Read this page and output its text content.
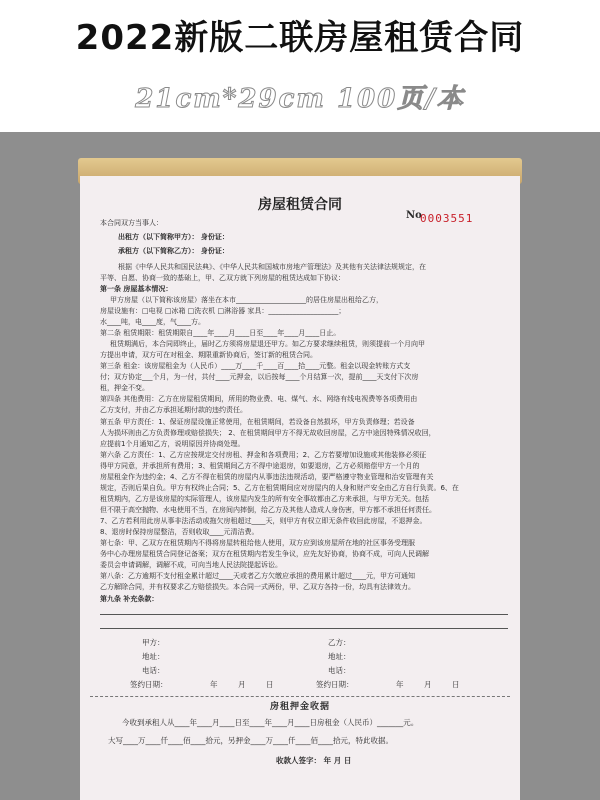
2022新版二联房屋租赁合同
21cm*29cm 100页/本
房屋租赁合同
No
0003551
本合同双方当事人：
出租方（以下简称甲方）： 身份证：
承租方（以下简称乙方）： 身份证：
根据《中华人民共和国民法典》、《中华人民共和国城市房地产管理法》及其他有关法律法规规定，在
平等、自愿、协商一致的基础上，甲、乙双方就下列房屋的租赁达成如下协议：
第一条 房屋基本情况：
甲方房屋（以下简称该房屋）落坐在本市____________________的居住房屋出租给乙方，
房屋设施有：□电视 □冰箱 □洗衣机 □淋浴器 家具：____________________；
水____吨，电____度，气____方。
第二条 租赁期限：租赁期限自____年____月____日至____年____月____日止。
租赁期满后，本合同即终止，届时乙方须将房屋退还甲方。如乙方要求继续租赁，则须提前一个月向甲
方提出申请，双方可在对租金、期限重新协商后，签订新的租赁合同。
第三条 租金：该房屋租金为（人民币）____万____千____百____拾____元整。租金以现金转账方式支
付；双方协定___个月，为一付，共付____元押金，以后按每____个月结算一次，提前____天支付下次房
租，押金不变。
第四条 其他费用：乙方在房屋租赁期间，所用的物业费、电、煤气、水、网络有线电视费等各项费用由
乙方支付，并由乙方承担延期付款的违约责任。
第五条 甲方责任：1、保证房屋设施正常使用，在租赁期间，若设备自然损坏，甲方负责修理；若设备
人为损坏则由乙方负责修理或赔偿损失； 2、在租赁期间甲方不得无故收回房屋，乙方中途因特殊情况收回，
应提前1个月通知乙方，说明原因并协商处理。
第六条 乙方责任：1、乙方应按规定交付房租、押金和各项费用；2、乙方若要增加设施或其他装修必须征
得甲方同意，并承担所有费用；3、租赁期间乙方不得中途退房，如要退房，乙方必须赔偿甲方一个月的
房屋租金作为违约金；4、乙方不得在租赁的房屋内从事违法违规活动，要严格遵守物业管理和治安管理有关
规定，否则后果自负。甲方有权终止合同；5、乙方在租赁期间应对房屋内的人身和财产安全由乙方自行负责。6、在
租赁期内，乙方是该房屋的实际管理人，该房屋内发生的所有安全事故都由乙方来承担，与甲方无关。包括
但不限于高空抛物、水电使用不当，在房间内摔倒，给乙方及其他人造成人身伤害，甲方都不承担任何责任。
7、乙方若利用此房从事非法活动或拖欠房租超过____天，则甲方有权立即无条件收回此房屋，不退押金。
8、退房时保持房屋整洁，否则收取____元清洁费。
第七条：甲、乙双方在租赁期内不得将房屋转租给他人使用，双方应到该房屋所在地的社区事务受理服
务中心办理房屋租赁合同登记备案；双方在租赁期内若发生争议，应先友好协商，协商不成，可向人民调解
委员会申请调解，调解不成，可向当地人民法院提起诉讼。
第八条：乙方逾期不支付租金累计超过____天或者乙方欠缴应承担的费用累计超过____元，甲方可通知
乙方解除合同，并有权要求乙方赔偿损失。本合同一式两份，甲、乙双方各持一份，均具有法律效力。
第九条 补充条款：
甲方：	乙方：
地址：	地址：
电话：	电话：
签约日期：	年	月	日	签约日期：	年	月	日
房租押金收据
今收到承租人从____年____月____日至____年____月____日房租金（人民币）_______元。
大写____万____仟____佰____拾元，另押金____万____仟____佰____拾元，特此收据。
收款人签字： 年 月 日
